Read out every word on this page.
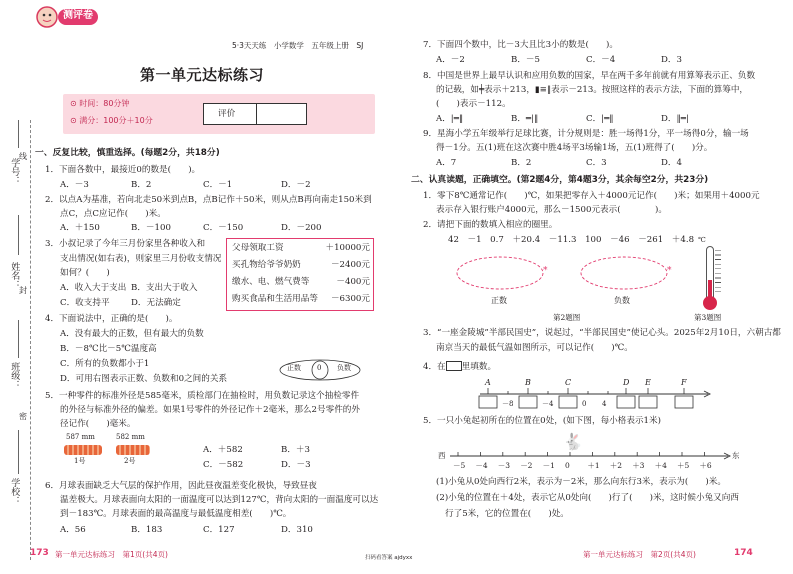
学号：
姓名：
班级：
学校：
线
封
密
测评卷
5·3天天练　小学数学　五年级上册　SJ
第一单元达标练习
⊙ 时间：80分钟
⊙ 满分：100分＋10分
评价
一、反复比较，慎重选择。(每题2分，共18分)
1．下面各数中，最接近0的数是(　　)。
A．－3	B．2	C．－1	D．－2
2．以点A为基准，若向北走50米到点B，点B记作＋50米，则从点B再向南走150米到
点C，点C应记作(　　)米。
A．＋150	B．－100	C．－150	D．－200
3．小叔记录了今年三月份家里各种收入和
支出情况(如右表)，则家里三月份收支情况
如何？(　　)
A．收入大于支出 B．支出大于收入
C．收支持平 D．无法确定
父母领取工资	＋10000元
买孔物给爷爷奶奶	－2400元
缴水、电、燃气费等	－400元
购买食品和生活用品等 －6300元
4．下面说法中，正确的是(　　)。
A．没有最大的正数，但有最大的负数
B．－8℃比－5℃温度高
C．所有的负数都小于1
D．可用右图表示正数、负数和0之间的关系
正数 0 负数
5．一种零件的标准外径是585毫米，质检部门在抽检时，用负数记录这个抽检零件
的外径与标准外径的偏差。如果1号零件的外径记作＋2毫米，那么2号零件的外
径记作(　　)毫米。
587 mm
1号
582 mm
2号
A．＋582	B．＋3
C．－582	D．－3
6．月球表面缺乏大气层的保护作用，因此昼夜温差变化极快，导致昼夜
温差极大。月球表面向太阳的一面温度可以达到127℃，背向太阳的一面温度可以达
到－183℃。月球表面的最高温度与最低温度相差(　　)℃。
A．56	B．183	C．127	D．310
7．下面四个数中，比－3大且比3小的数是(　　)。
A．－2	B．－5	C．－4	D．3
8．中国是世界上最早认识和应用负数的国家，早在两千多年前就有用算筹表示正、负数
的记载，如╪表示＋213，▮≡‖表示－213。按照这样的表示方法，下面的算筹中，
(　　)表示－112。
A．|═‖	B．═|‖	C．|═‖	D．‖═|
9．星海小学五年级举行足球比赛，计分规则是：胜一场得1分，平一场得0分，输一场
得－1分。五(1)班在这次赛中胜4场平3场输1场，五(1)班得了(　　)分。
A．7	B．2	C．3	D．4
二、认真读题，正确填空。(第2题4分，第4题3分，其余每空2分，共23分)
1．零下8℃通常记作(　　)℃，如果把零存入＋4000元记作(　　)米；如果用＋4000元
表示存入银行账户4000元，那么－1500元表示(　　　　)。
2．请把下面的数填入相应的圈里。
42　－1　0.7　＋20.4　－11.3　100　－46　－261　＋4.8
*
正数
*
负数
第2题图
℃
第3题图
3．“一座金陵城”半部民国史”，说起过，“半部民国史”使记心头。2025年2月10日，六朝古都
南京当天的最低气温如图所示，可以记作(　　)℃。
4．在 里填数。
A	B	C	D E	F
－8	－4	0 4
5．一只小兔起初所在的位置在0处，(如下图，每小格表示1米)
🐇
西	东
－5 －4 －3 －2 －1 0 ＋1 ＋2 ＋3 ＋4 ＋5 ＋6
(1)小兔从0处向西行2米，表示为－2米，那么向东行3米，表示为(　　)米。
(2)小兔的位置在＋4处，表示它从0处向(　　)行了(　　)米，这时候小兔又向西
行了5米，它的位置在(　　)处。
173 第一单元达标练习　第1页(共4页)	扫码看答案 ajdyxx	第一单元达标练习　第2页(共4页)	174
